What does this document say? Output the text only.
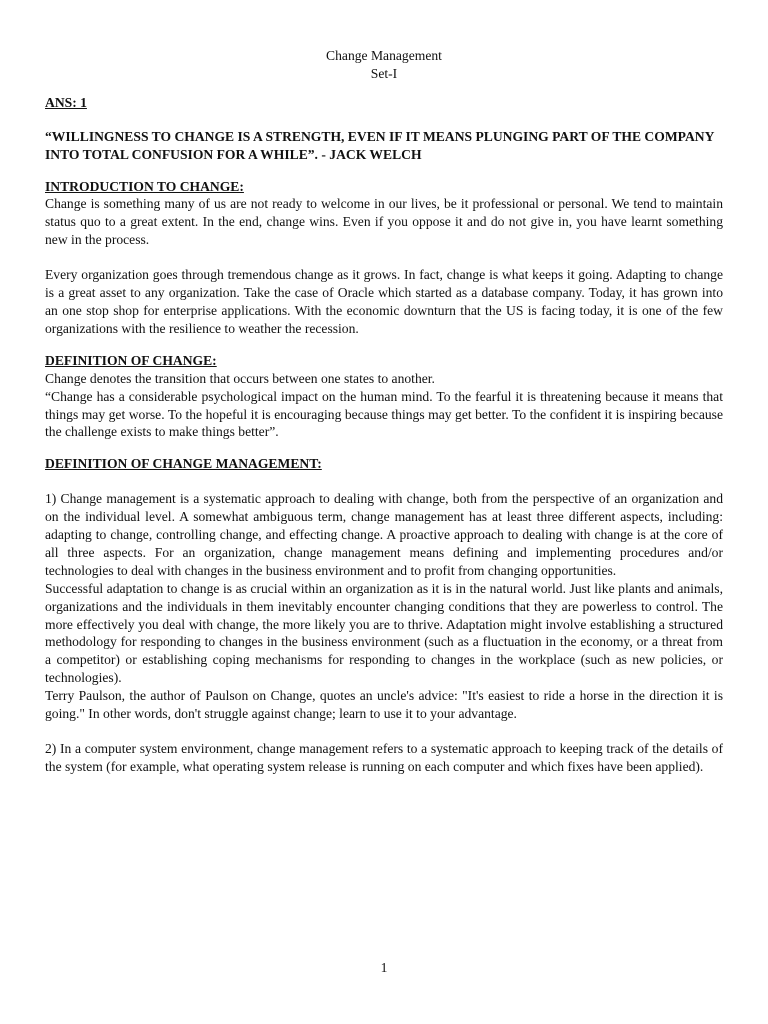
Change Management
Set-I
ANS: 1
“WILLINGNESS TO CHANGE IS A STRENGTH, EVEN IF IT MEANS PLUNGING PART OF THE COMPANY INTO TOTAL CONFUSION FOR A WHILE”. - JACK WELCH
INTRODUCTION TO CHANGE:

Change is something many of us are not ready to welcome in our lives, be it professional or personal. We tend to maintain status quo to a great extent. In the end, change wins. Even if you oppose it and do not give in, you have learnt something new in the process.

Every organization goes through tremendous change as it grows. In fact, change is what keeps it going. Adapting to change is a great asset to any organization. Take the case of Oracle which started as a database company. Today, it has grown into an one stop shop for enterprise applications. With the economic downturn that the US is facing today, it is one of the few organizations with the resilience to weather the recession.

DEFINITION OF CHANGE:

Change denotes the transition that occurs between one states to another.

“Change has a considerable psychological impact on the human mind. To the fearful it is threatening because it means that things may get worse. To the hopeful it is encouraging because things may get better. To the confident it is inspiring because the challenge exists to make things better”.

DEFINITION OF CHANGE MANAGEMENT:

1) Change management is a systematic approach to dealing with change, both from the perspective of an organization and on the individual level. A somewhat ambiguous term, change management has at least three different aspects, including: adapting to change, controlling change, and effecting change. A proactive approach to dealing with change is at the core of all three aspects. For an organization, change management means defining and implementing procedures and/or technologies to deal with changes in the business environment and to profit from changing opportunities.

Successful adaptation to change is as crucial within an organization as it is in the natural world. Just like plants and animals, organizations and the individuals in them inevitably encounter changing conditions that they are powerless to control. The more effectively you deal with change, the more likely you are to thrive. Adaptation might involve establishing a structured methodology for responding to changes in the business environment (such as a fluctuation in the economy, or a threat from a competitor) or establishing coping mechanisms for responding to changes in the workplace (such as new policies, or technologies).

Terry Paulson, the author of Paulson on Change, quotes an uncle's advice: "It's easiest to ride a horse in the direction it is going." In other words, don't struggle against change; learn to use it to your advantage.

2) In a computer system environment, change management refers to a systematic approach to keeping track of the details of the system (for example, what operating system release is running on each computer and which fixes have been applied).

1
